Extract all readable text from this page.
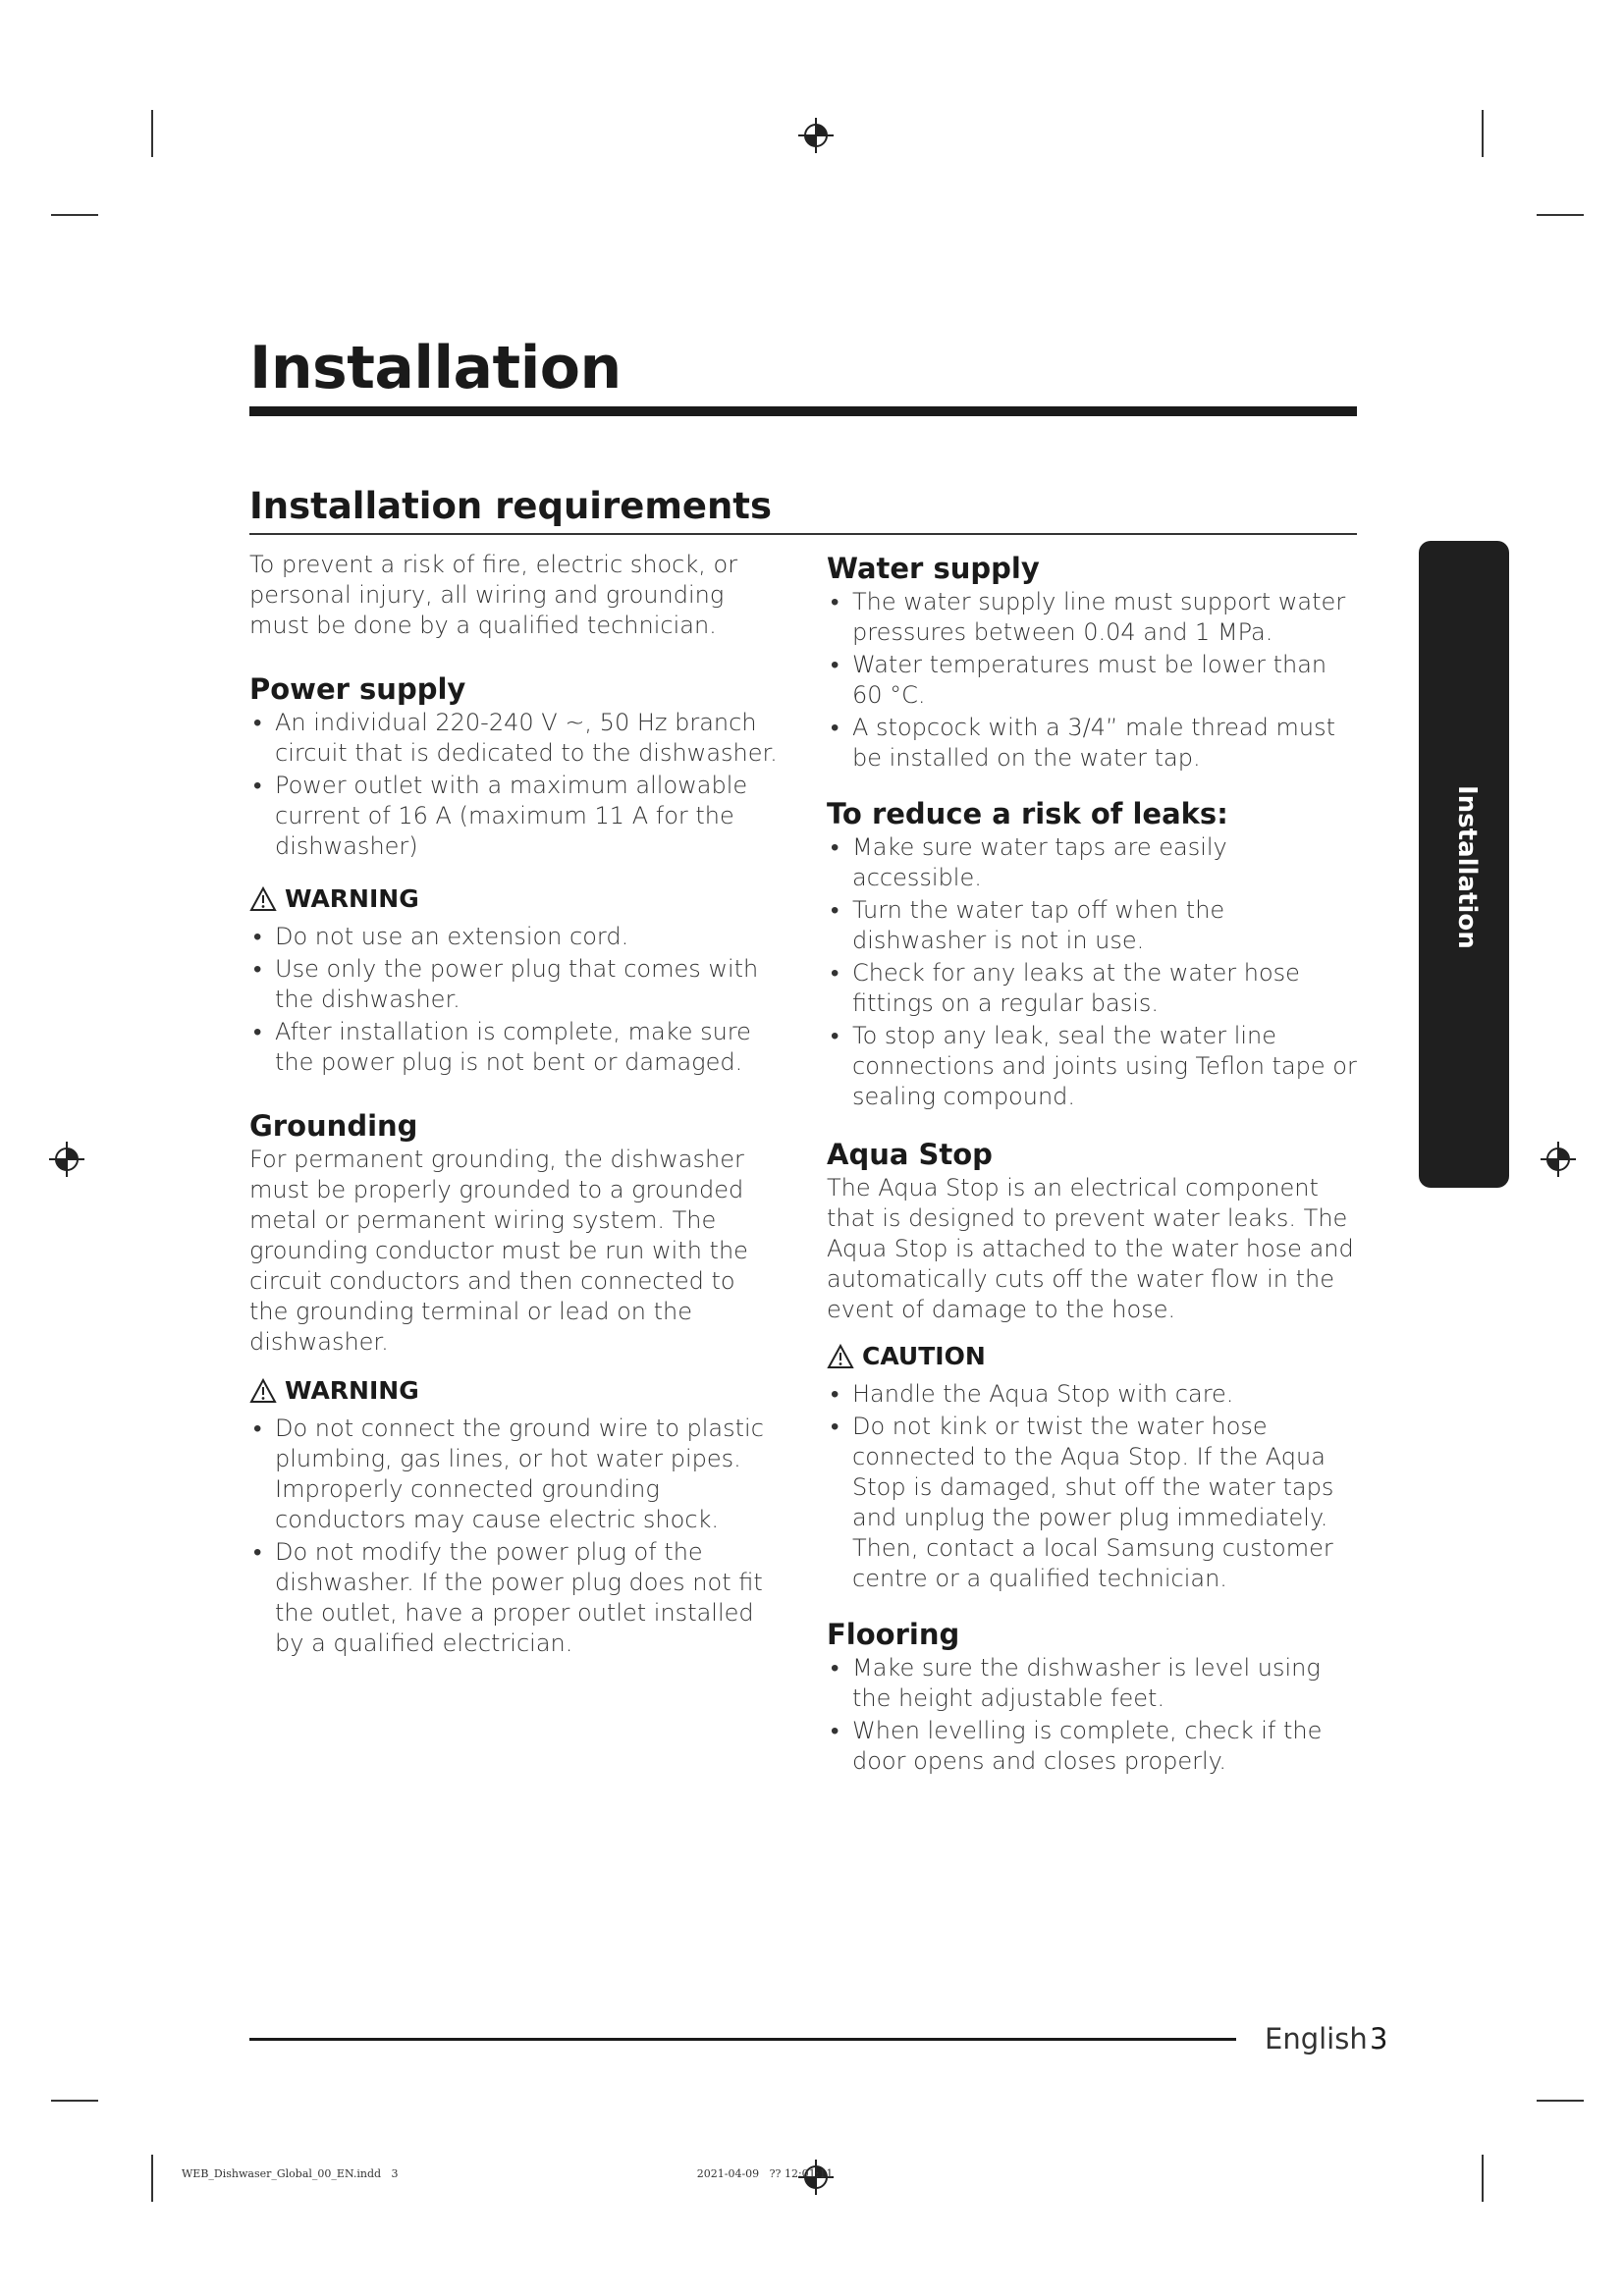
Installation
Installation requirements
Installation

To prevent a risk of fire, electric shock, or personal injury, all wiring and grounding must be done by a qualified technician.

Power supply
• An individual 220-240 V ~, 50 Hz branch circuit that is dedicated to the dishwasher.
• Power outlet with a maximum allowable current of 16 A (maximum 11 A for the dishwasher)
WARNING
• Do not use an extension cord.
• Use only the power plug that comes with the dishwasher.
• After installation is complete, make sure the power plug is not bent or damaged.
Grounding

For permanent grounding, the dishwasher must be properly grounded to a grounded metal or permanent wiring system. The grounding conductor must be run with the circuit conductors and then connected to the grounding terminal or lead on the dishwasher.

WARNING
• Do not connect the ground wire to plastic plumbing, gas lines, or hot water pipes. Improperly connected grounding conductors may cause electric shock.
• Do not modify the power plug of the dishwasher. If the power plug does not fit the outlet, have a proper outlet installed by a qualified electrician.
Water supply
• The water supply line must support water pressures between 0.04 and 1 MPa.
• Water temperatures must be lower than 60 °C.
• A stopcock with a 3/4” male thread must be installed on the water tap.
To reduce a risk of leaks:
• Make sure water taps are easily accessible.
• Turn the water tap off when the dishwasher is not in use.
• Check for any leaks at the water hose fittings on a regular basis.
• To stop any leak, seal the water line connections and joints using Teflon tape or sealing compound.
Aqua Stop

The Aqua Stop is an electrical component that is designed to prevent water leaks. The Aqua Stop is attached to the water hose and automatically cuts off the water flow in the event of damage to the hose.

CAUTION
• Handle the Aqua Stop with care.
• Do not kink or twist the water hose connected to the Aqua Stop. If the Aqua Stop is damaged, shut off the water taps and unplug the power plug immediately. Then, contact a local Samsung customer centre or a qualified technician.
Flooring
• Make sure the dishwasher is level using the height adjustable feet.
• When levelling is complete, check if the door opens and closes properly.
English 3
WEB_Dishwaser_Global_00_EN.indd   3                                                                                       2021-04-09   ?? 12:01:11
